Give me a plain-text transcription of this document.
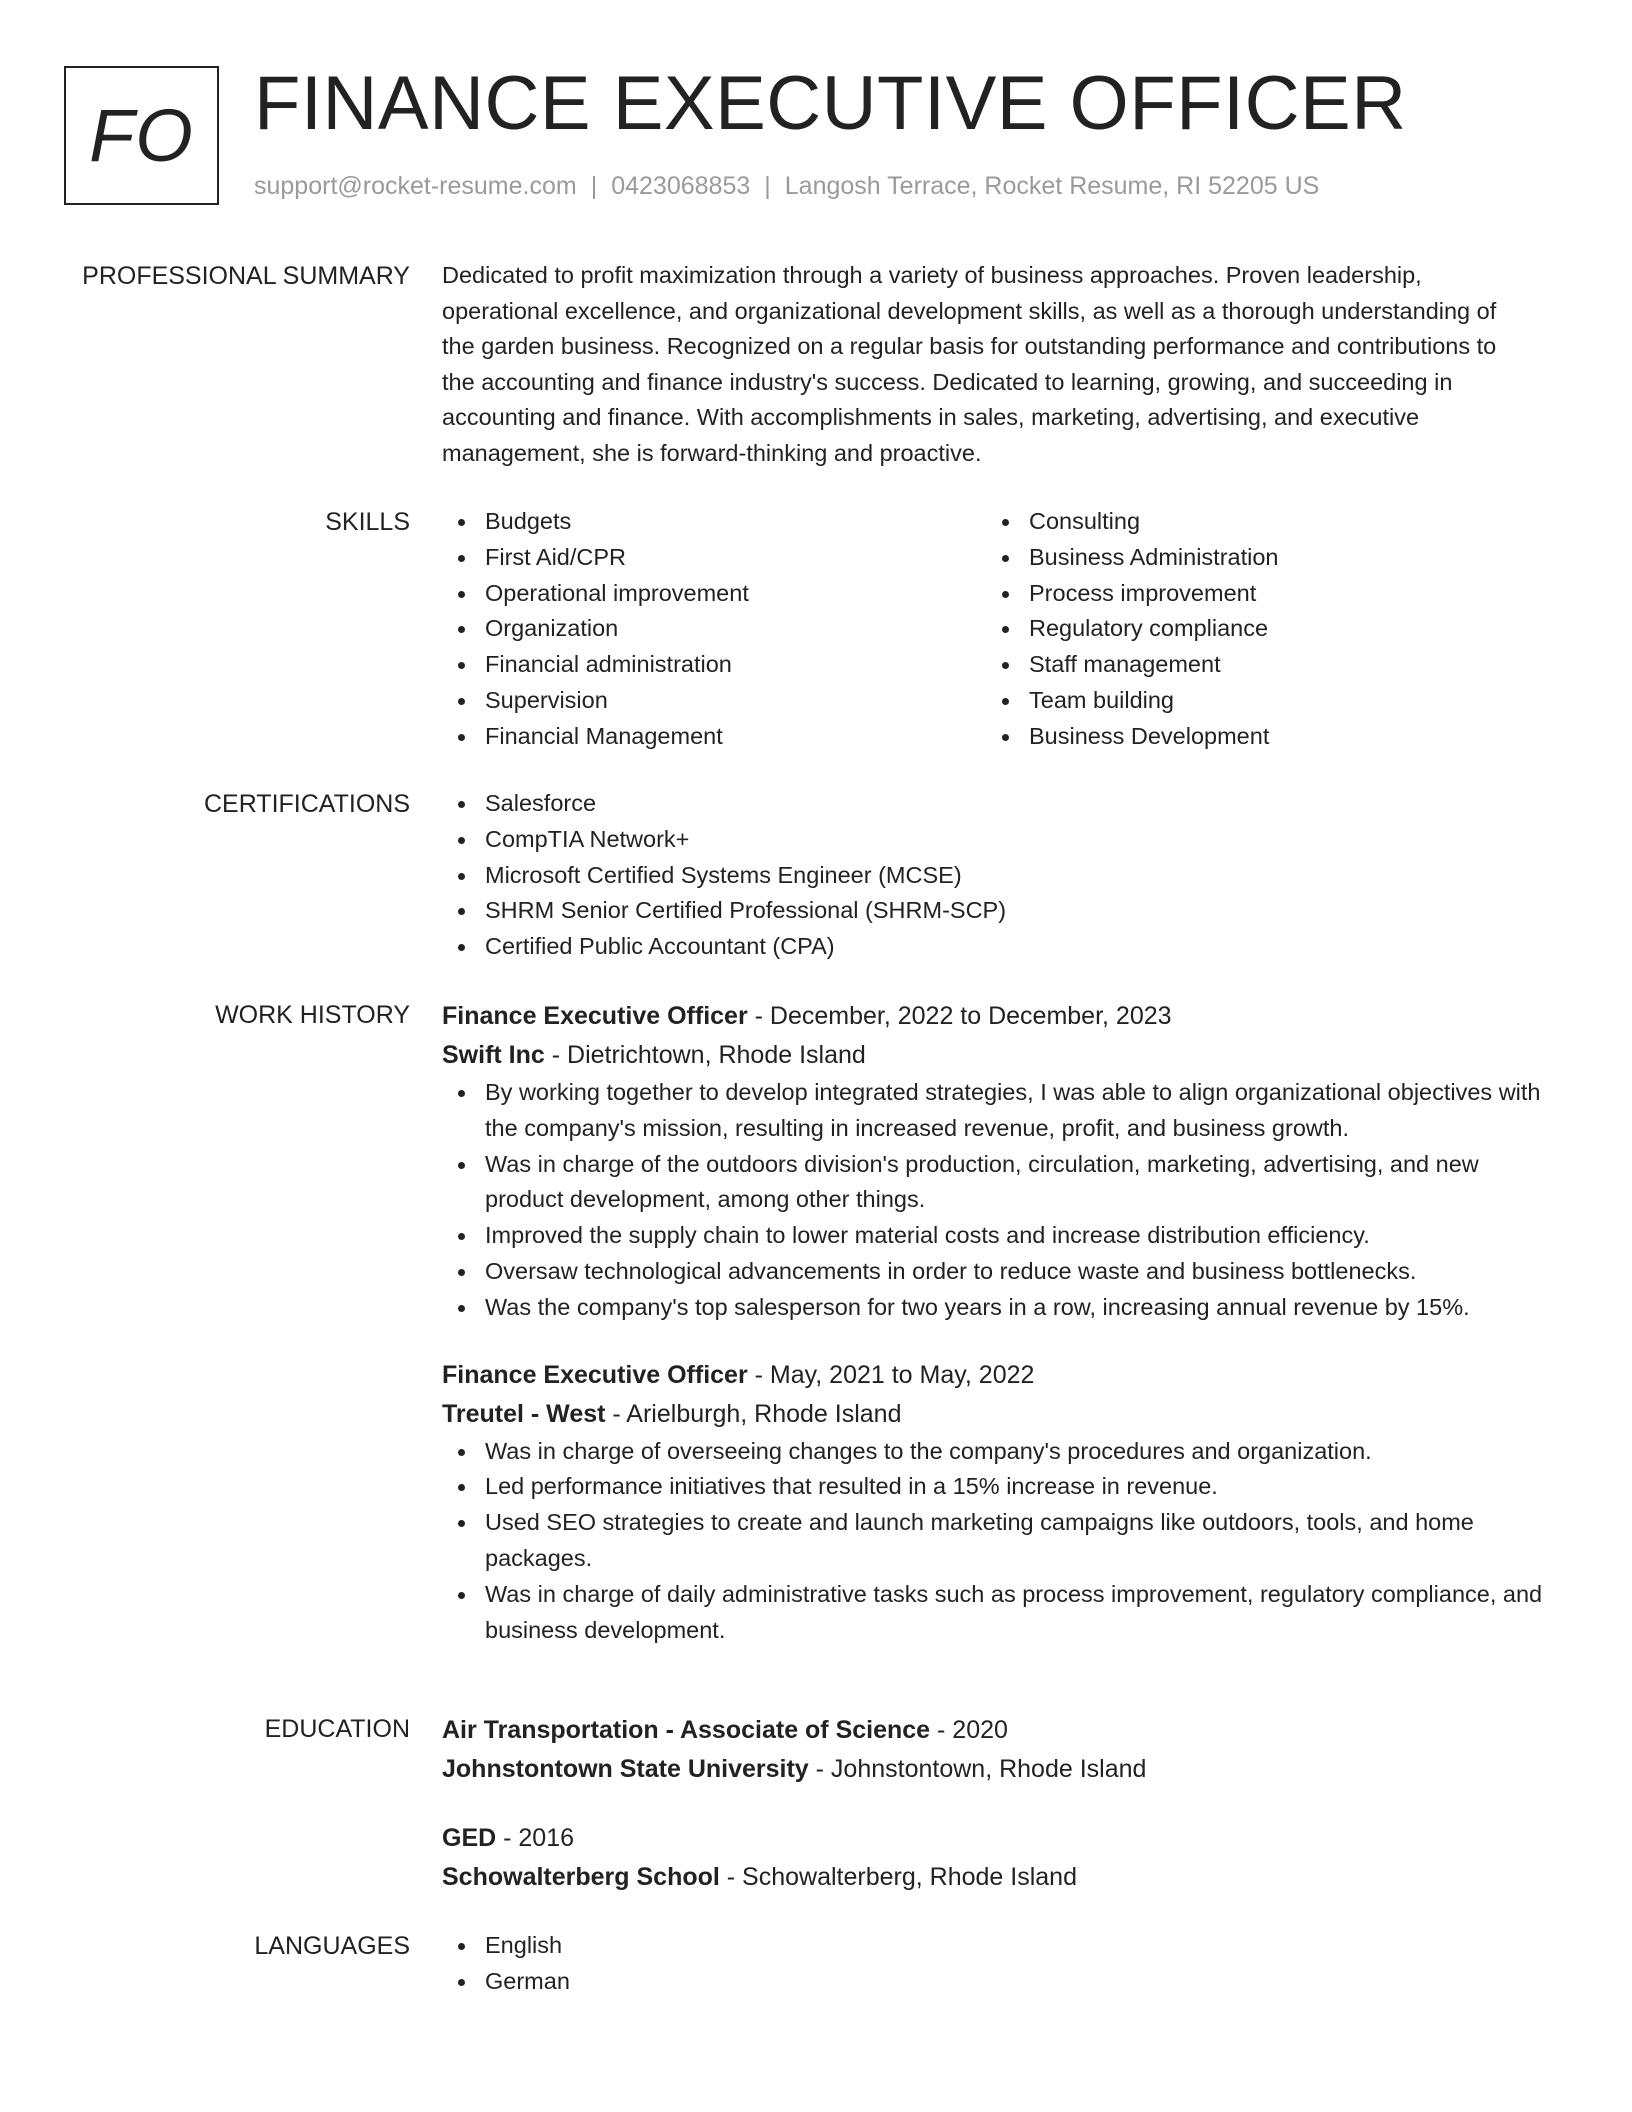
FO FINANCE EXECUTIVE OFFICER
support@rocket-resume.com | 0423068853 | Langosh Terrace, Rocket Resume, RI 52205 US
PROFESSIONAL SUMMARY Dedicated to profit maximization through a variety of business approaches. Proven leadership,

operational excellence, and organizational development skills, as well as a thorough understanding of

the garden business. Recognized on a regular basis for outstanding performance and contributions to

the accounting and finance industry's success. Dedicated to learning, growing, and succeeding in

accounting and finance. With accomplishments in sales, marketing, advertising, and executive

management, she is forward-thinking and proactive.

SKILLS	Budgets
First Aid/CPR
Operational improvement
Organization
Financial administration
Supervision
Financial Management
Consulting
Business Administration
Process improvement
Regulatory compliance
Staff management
Team building
Business Development
CERTIFICATIONS	Salesforce
CompTIA Network+
Microsoft Certified Systems Engineer (MCSE)
SHRM Senior Certified Professional (SHRM-SCP)
Certified Public Accountant (CPA)
WORK HISTORY Finance Executive Officer - December, 2022 to December, 2023
Swift Inc - Dietrichtown, Rhode Island
By working together to develop integrated strategies, I was able to align organizational objectives with the company's mission, resulting in increased revenue, profit, and business growth.
Was in charge of the outdoors division's production, circulation, marketing, advertising, and new product development, among other things.
Improved the supply chain to lower material costs and increase distribution efficiency.
Oversaw technological advancements in order to reduce waste and business bottlenecks.
Was the company's top salesperson for two years in a row, increasing annual revenue by 15%.
Finance Executive Officer - May, 2021 to May, 2022
Treutel - West - Arielburgh, Rhode Island
Was in charge of overseeing changes to the company's procedures and organization.
Led performance initiatives that resulted in a 15% increase in revenue.
Used SEO strategies to create and launch marketing campaigns like outdoors, tools, and home packages.
Was in charge of daily administrative tasks such as process improvement, regulatory compliance, and business development.
EDUCATION Air Transportation - Associate of Science - 2020
Johnstontown State University - Johnstontown, Rhode Island
GED - 2016
Schowalterberg School - Schowalterberg, Rhode Island
LANGUAGES	English
German
